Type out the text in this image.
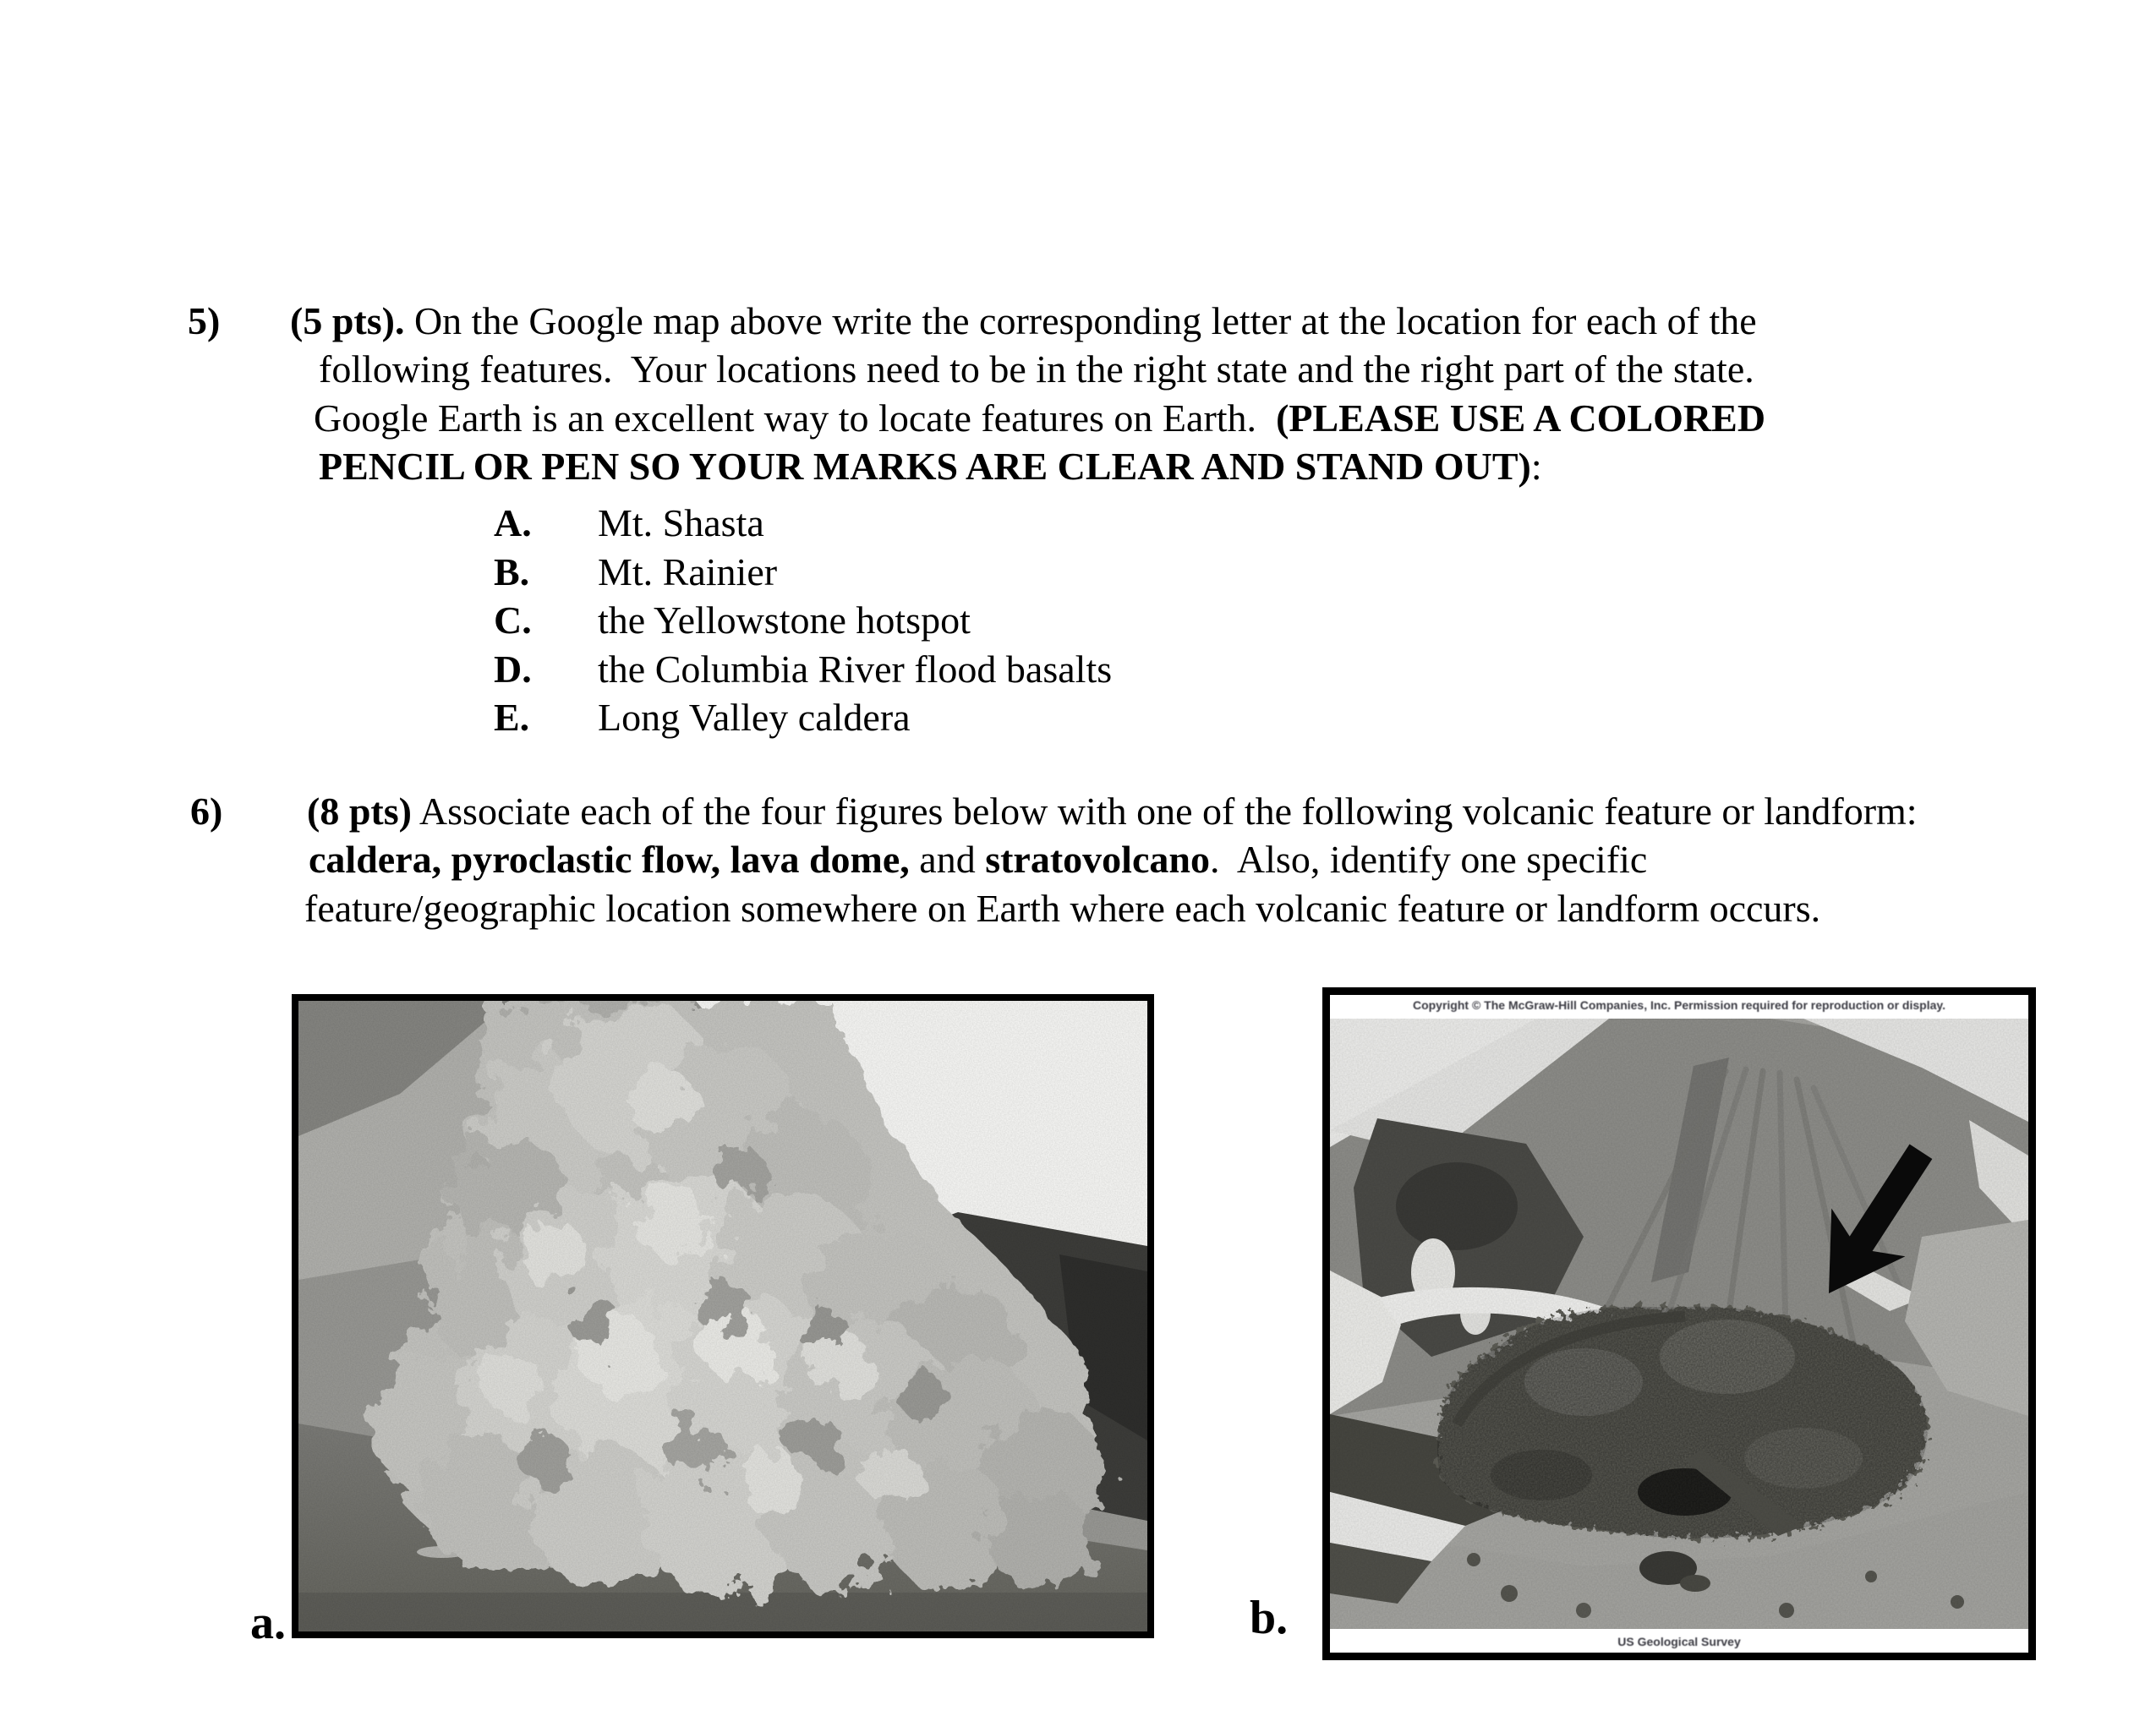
5) (5 pts). On the Google map above write the corresponding letter at the location for each of the
following features.  Your locations need to be in the right state and the right part of the state.
Google Earth is an excellent way to locate features on Earth.  (PLEASE USE A COLORED
PENCIL OR PEN SO YOUR MARKS ARE CLEAR AND STAND OUT):
A.	Mt. Shasta
B.	Mt. Rainier
C.	the Yellowstone hotspot
D.	the Columbia River flood basalts
E.	Long Valley caldera
6) (8 pts) Associate each of the four figures below with one of the following volcanic feature or landform:
caldera, pyroclastic flow, lava dome, and stratovolcano.  Also, identify one specific
feature/geographic location somewhere on Earth where each volcanic feature or landform occurs.
a.
Copyright © The McGraw-Hill Companies, Inc. Permission required for reproduction or display.
US Geological Survey
b.
